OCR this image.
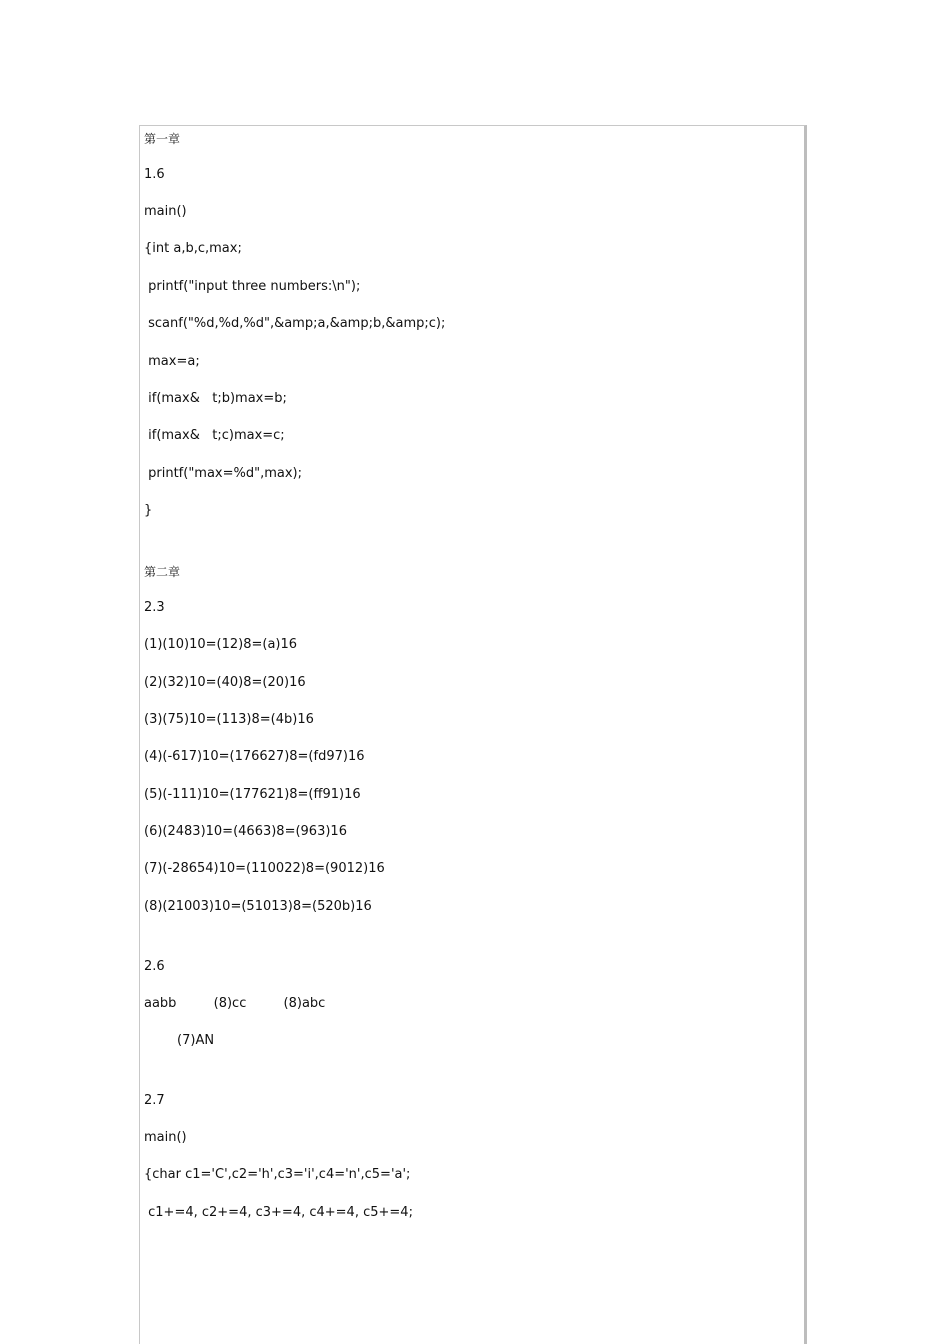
第一章

1.6

main()

{int a,b,c,max;

printf("input three numbers:\n");

scanf("%d,%d,%d",&amp;a,&amp;b,&amp;c);

max=a;

if(max&   t;b)max=b;

if(max&   t;c)max=c;

printf("max=%d",max);

}

第二章

2.3

(1)(10)10=(12)8=(a)16

(2)(32)10=(40)8=(20)16

(3)(75)10=(113)8=(4b)16

(4)(-617)10=(176627)8=(fd97)16

(5)(-111)10=(177621)8=(ff91)16

(6)(2483)10=(4663)8=(963)16

(7)(-28654)10=(110022)8=(9012)16

(8)(21003)10=(51013)8=(520b)16

2.6

aabb         (8)cc         (8)abc

(7)AN

2.7

main()

{char c1='C',c2='h',c3='i',c4='n',c5='a';

c1+=4, c2+=4, c3+=4, c4+=4, c5+=4;
